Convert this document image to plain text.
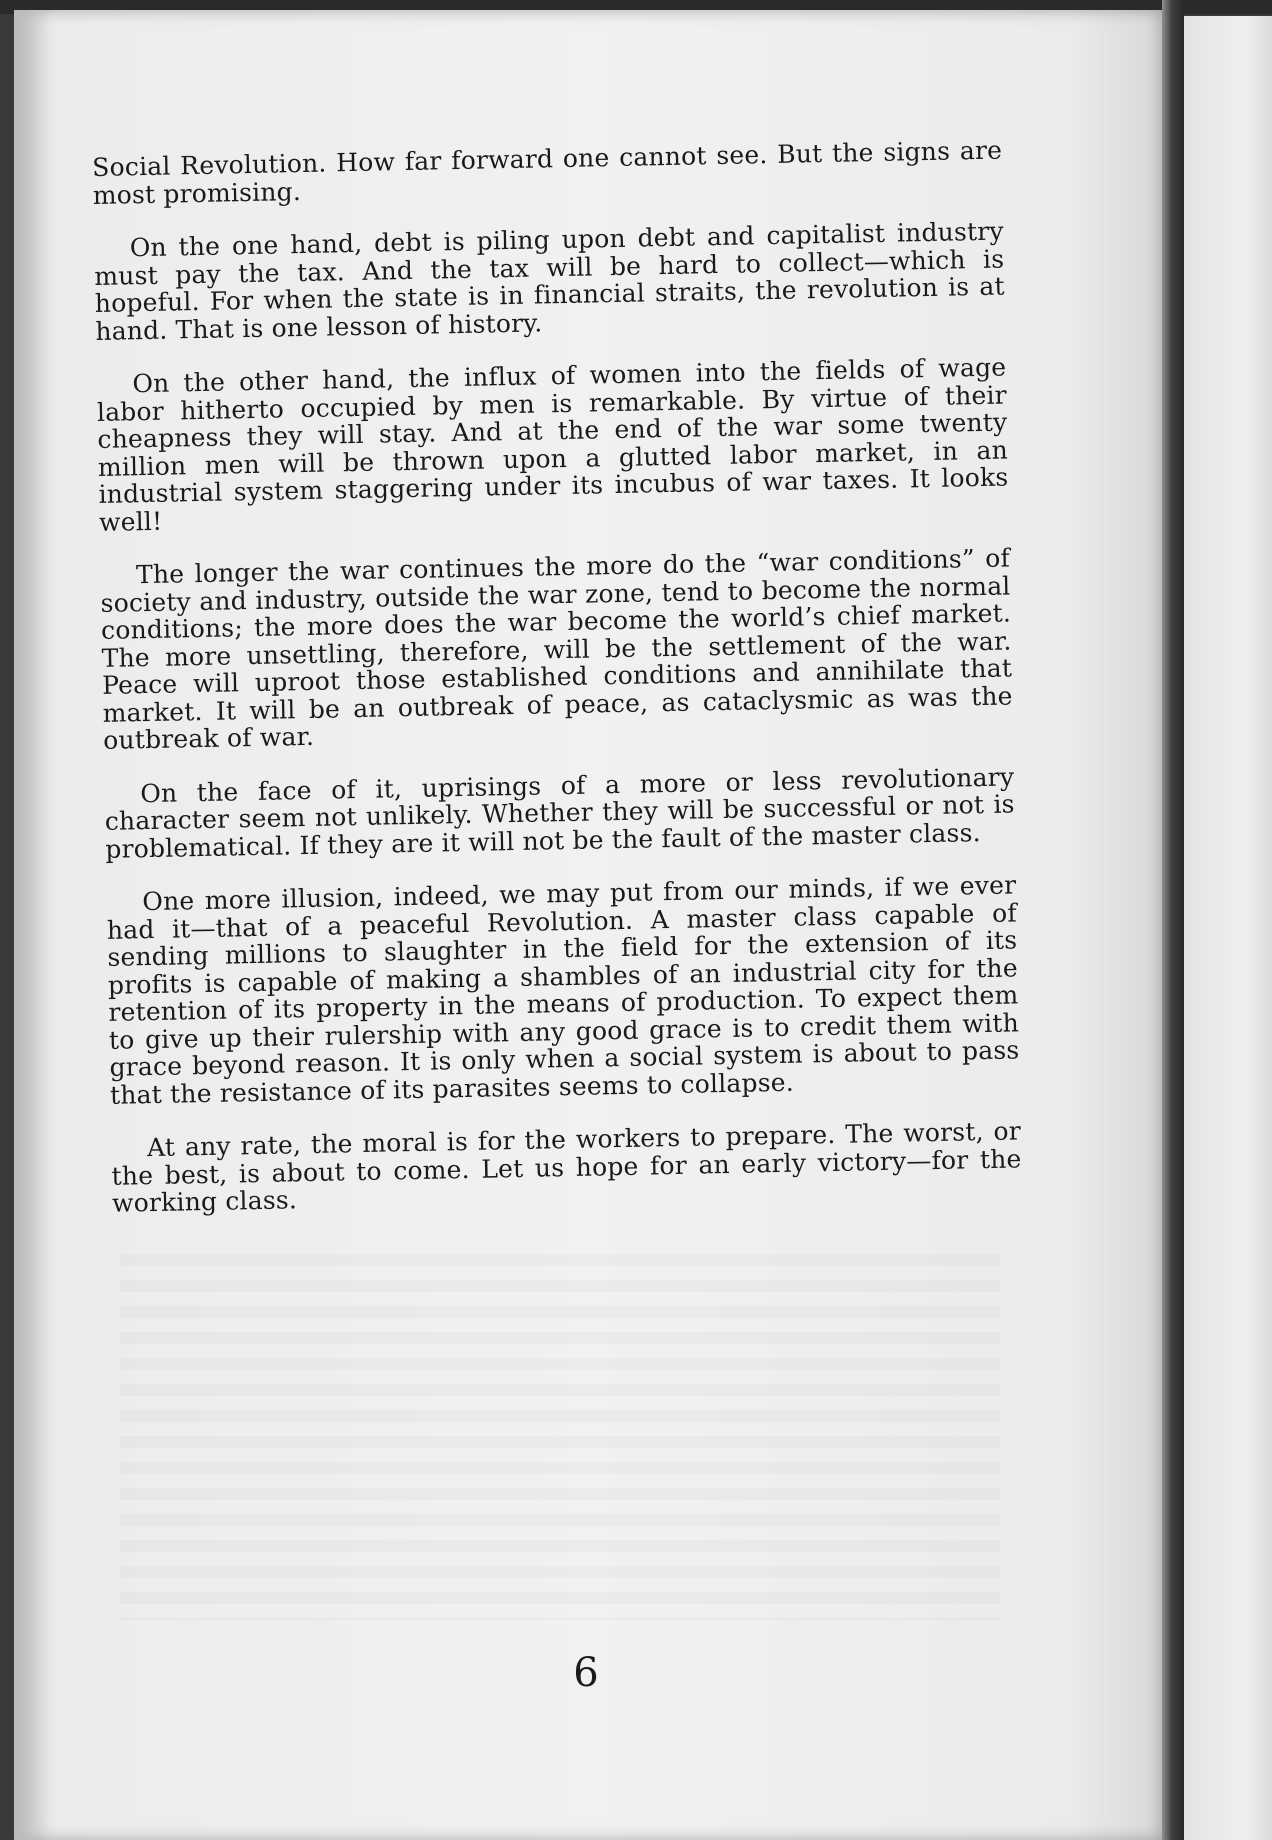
Social Revolution. How far forward one cannot see. But the signs are most promising.

On the one hand, debt is piling upon debt and capitalist industry must pay the tax. And the tax will be hard to collect—which is hopeful. For when the state is in financial straits, the revolution is at hand. That is one lesson of history.

On the other hand, the influx of women into the fields of wage labor hitherto occupied by men is remarkable. By virtue of their cheapness they will stay. And at the end of the war some twenty million men will be thrown upon a glutted labor market, in an industrial system staggering under its incubus of war taxes. It looks well!

The longer the war continues the more do the “war conditions” of society and industry, outside the war zone, tend to become the normal conditions; the more does the war become the world’s chief market. The more unsettling, therefore, will be the settlement of the war. Peace will uproot those established conditions and annihilate that market. It will be an outbreak of peace, as cataclysmic as was the outbreak of war.

On the face of it, uprisings of a more or less revolutionary character seem not unlikely. Whether they will be successful or not is problematical. If they are it will not be the fault of the master class.

One more illusion, indeed, we may put from our minds, if we ever had it—that of a peaceful Revolution. A master class capable of sending millions to slaughter in the field for the extension of its profits is capable of making a shambles of an industrial city for the retention of its property in the means of production. To expect them to give up their rulership with any good grace is to credit them with grace beyond reason. It is only when a social system is about to pass that the resistance of its parasites seems to collapse.

At any rate, the moral is for the workers to prepare. The worst, or the best, is about to come. Let us hope for an early victory—for the working class.

6
